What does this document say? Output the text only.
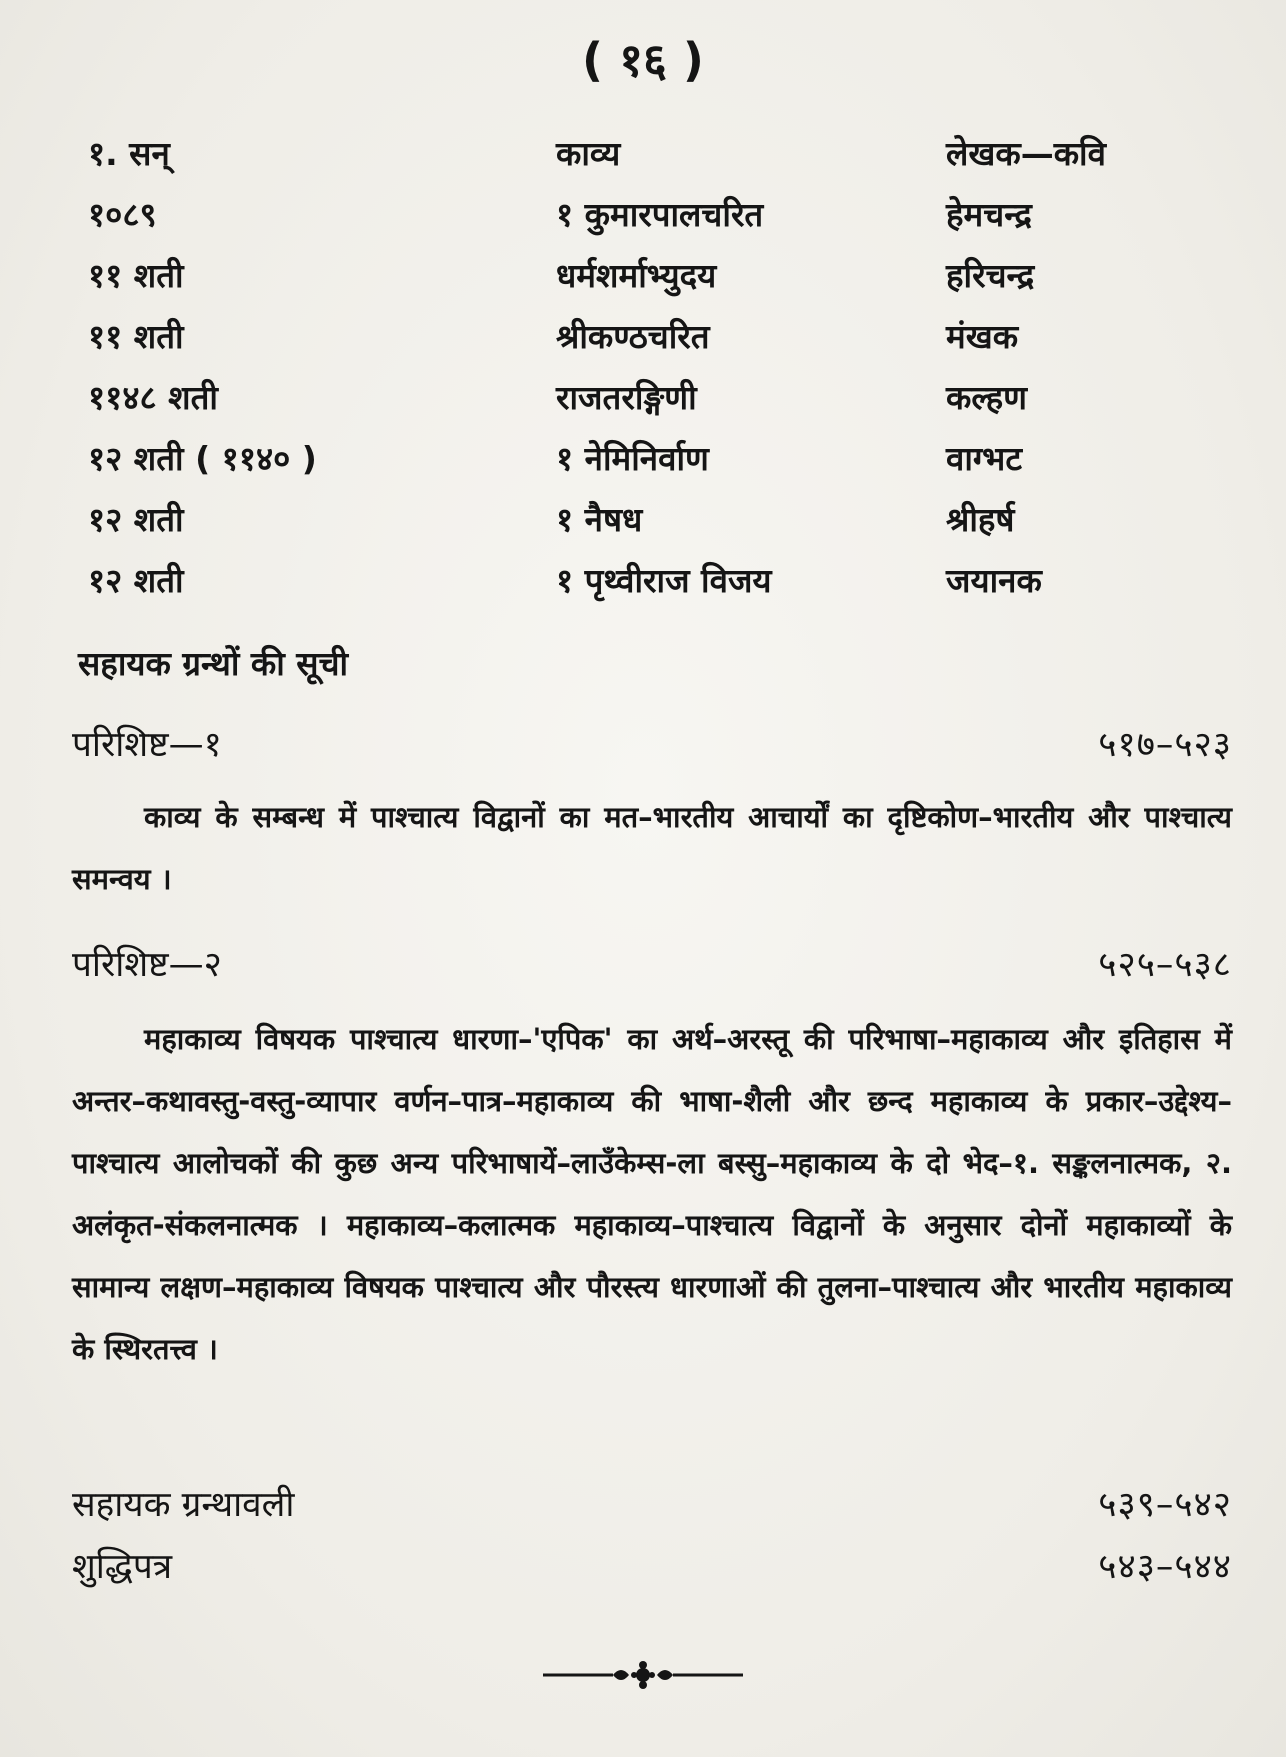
( १६ )
१. सन्	काव्य	लेखक—कवि
१०८९	१ कुमारपालचरित	हेमचन्द्र
११ शती	धर्मशर्माभ्युदय	हरिचन्द्र
११ शती	श्रीकण्ठचरित	मंखक
११४८ शती	राजतरङ्गिणी	कल्हण
१२ शती ( ११४० )	१ नेमिनिर्वाण	वाग्भट
१२ शती	१ नैषध	श्रीहर्ष
१२ शती	१ पृथ्वीराज विजय	जयानक
सहायक ग्रन्थों की सूची
परिशिष्ट—१	५१७–५२३
काव्य के सम्बन्ध में पाश्चात्य विद्वानों का मत–भारतीय आचार्यों का दृष्टिकोण–भारतीय और पाश्चात्य समन्वय ।
परिशिष्ट—२	५२५–५३८
महाकाव्य विषयक पाश्चात्य धारणा–'एपिक' का अर्थ–अरस्तू की परिभाषा–महाकाव्य और इतिहास में अन्तर–कथावस्तु-वस्तु-व्यापार वर्णन–पात्र–महाकाव्य की भाषा-शैली और छन्द महाकाव्य के प्रकार–उद्देश्य–पाश्चात्य आलोचकों की कुछ अन्य परिभाषायें–लाउँकेम्स-ला बस्सु–महाकाव्य के दो भेद–१. सङ्कलनात्मक, २. अलंकृत-संकलनात्मक । महाकाव्य–कलात्मक महाकाव्य–पाश्चात्य विद्वानों के अनुसार दोनों महाकाव्यों के सामान्य लक्षण–महाकाव्य विषयक पाश्चात्य और पौरस्त्य धारणाओं की तुलना–पाश्चात्य और भारतीय महाकाव्य के स्थिरतत्त्व ।
सहायक ग्रन्थावली	५३९–५४२
शुद्धिपत्र	५४३–५४४
